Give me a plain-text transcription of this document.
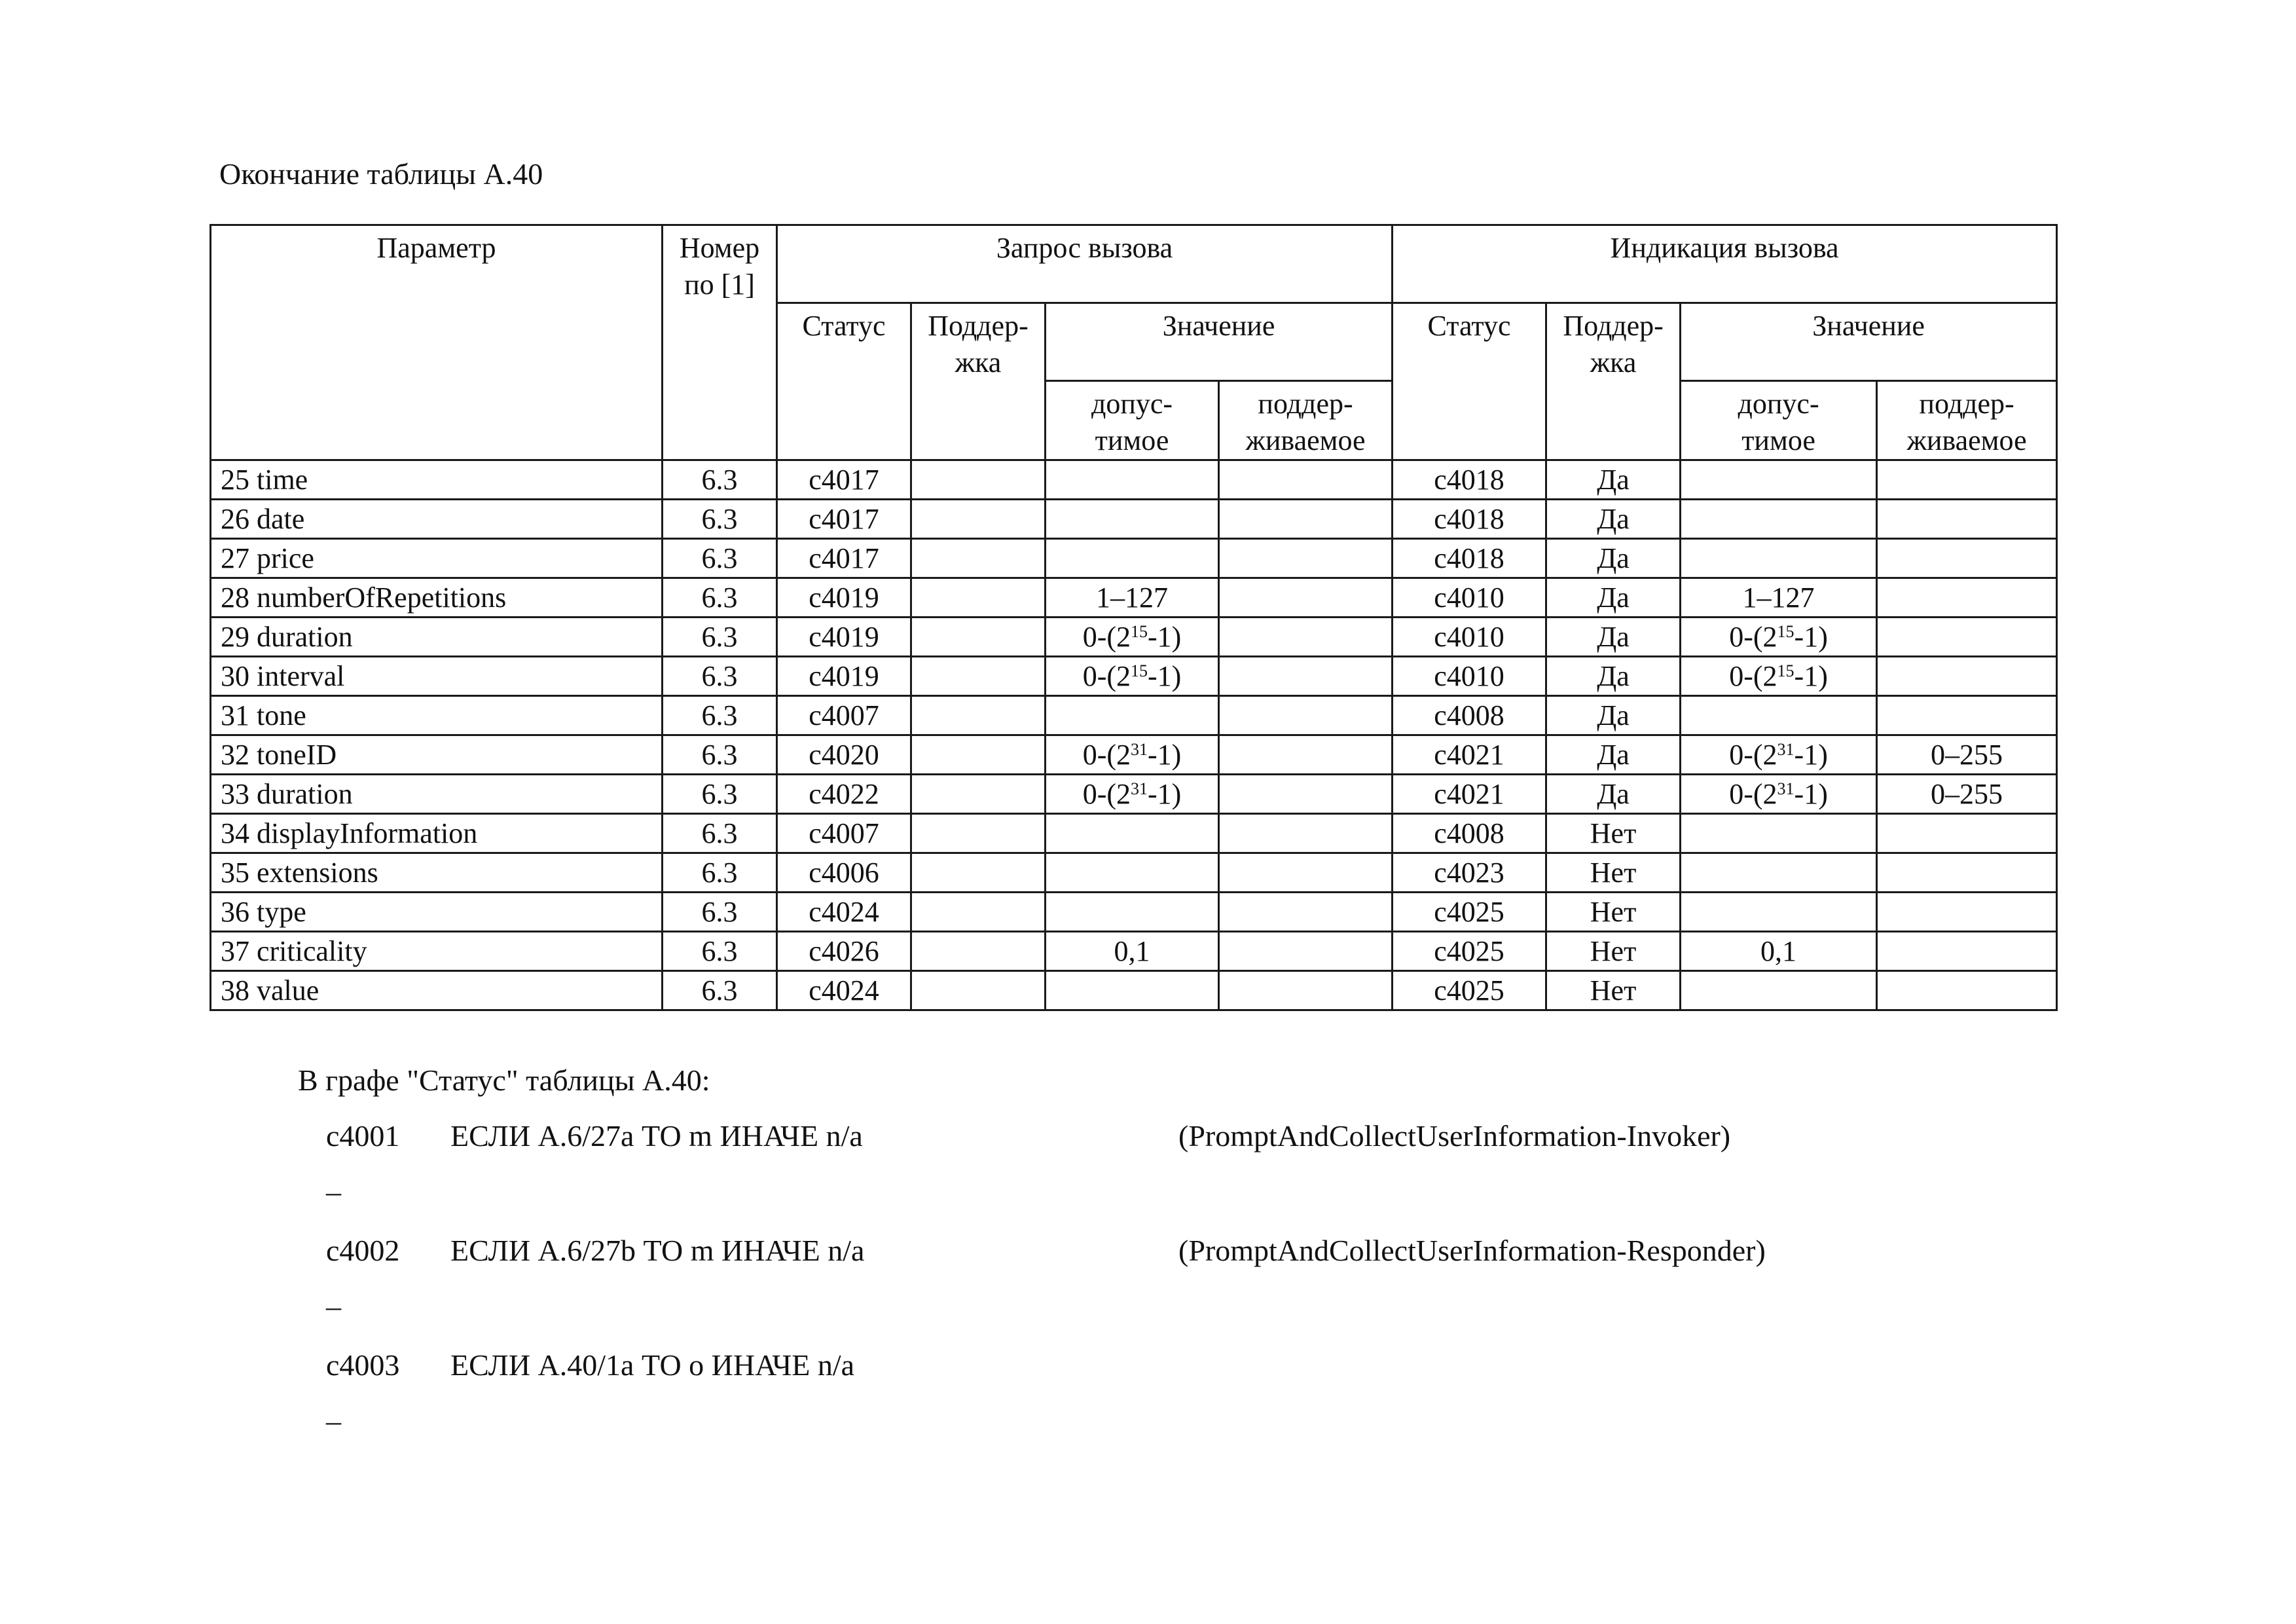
Окончание таблицы А.40
Параметр	Номер по [1]	Запрос вызова				Индикация вызова			
		Статус	Поддер-жка	Значение		Статус	Поддер-жка	Значение	

				допус-тимое	поддер-живаемое			допус-тимое	поддер-живаемое

25 time	6.3	c4017				c4018	Да		
26 date	6.3	c4017				c4018	Да		
27 price	6.3	c4017				c4018	Да		
28 numberOfRepetitions	6.3	c4019		1–127		c4010	Да	1–127	
29 duration	6.3	c4019		$0-(2^{15}-1)$		c4010	Да	$0-(2^{15}-1)$	
30 interval	6.3	c4019		$0-(2^{15}-1)$		c4010	Да	$0-(2^{15}-1)$	
31 tone	6.3	c4007				c4008	Да		
32 toneID	6.3	c4020		$0-(2^{31}-1)$		c4021	Да	$0-(2^{31}-1)$	0–255
33 duration	6.3	c4022		$0-(2^{31}-1)$		c4021	Да	$0-(2^{31}-1)$	0–255
34 displayInformation	6.3	c4007				c4008	Нет		
35 extensions	6.3	c4006				c4023	Нет		
36 type	6.3	c4024				c4025	Нет		
37 criticality	6.3	c4026		0,1		c4025	Нет	0,1	
38 value	6.3	c4024				c4025	Нет		
В графе "Статус" таблицы А.40:
c4001 ЕСЛИ А.6/27а ТО m ИНАЧЕ n/a	(PromptAndCollectUserInformation-Invoker)
–
c4002 ЕСЛИ А.6/27b ТО m ИНАЧЕ n/a	(PromptAndCollectUserInformation-Responder)
–
c4003 ЕСЛИ А.40/1а ТО о ИНАЧЕ n/a
–
